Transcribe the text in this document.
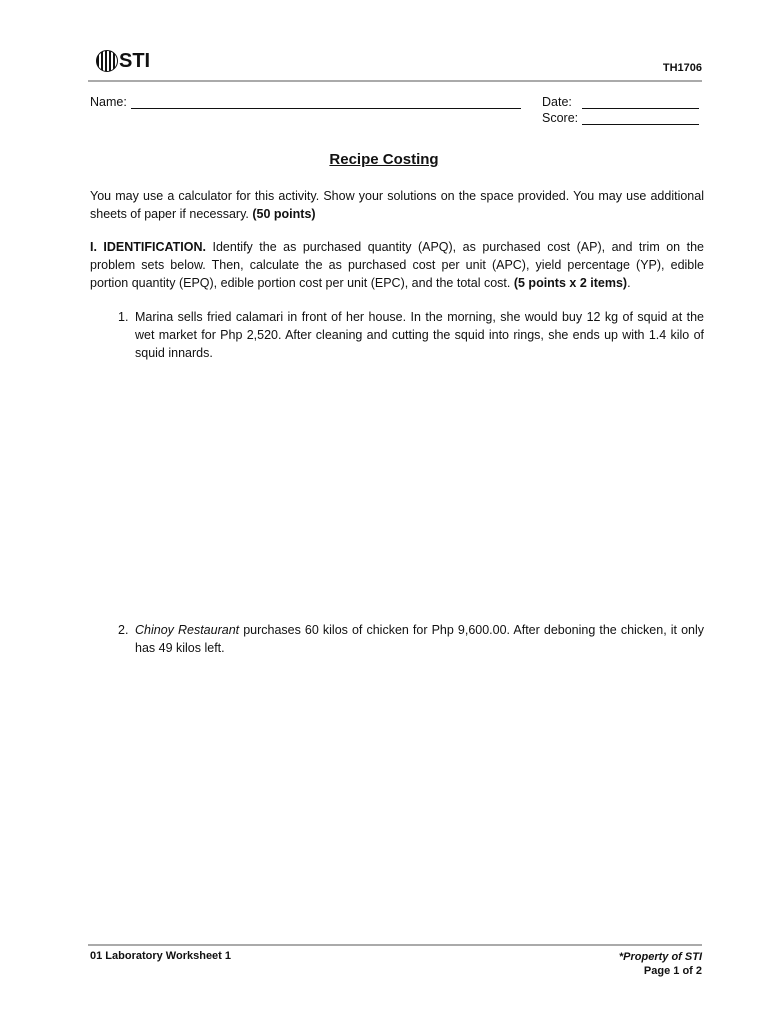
STI	TH1706
Name:	Date:
Score:
Recipe Costing
You may use a calculator for this activity. Show your solutions on the space provided. You may use additional sheets of paper if necessary. (50 points)
I. IDENTIFICATION. Identify the as purchased quantity (APQ), as purchased cost (AP), and trim on the problem sets below. Then, calculate the as purchased cost per unit (APC), yield percentage (YP), edible portion quantity (EPQ), edible portion cost per unit (EPC), and the total cost. (5 points x 2 items).
1. Marina sells fried calamari in front of her house. In the morning, she would buy 12 kg of squid at the wet market for Php 2,520. After cleaning and cutting the squid into rings, she ends up with 1.4 kilo of squid innards.
2. Chinoy Restaurant purchases 60 kilos of chicken for Php 9,600.00. After deboning the chicken, it only has 49 kilos left.
01 Laboratory Worksheet 1	*Property of STI
Page 1 of 2
